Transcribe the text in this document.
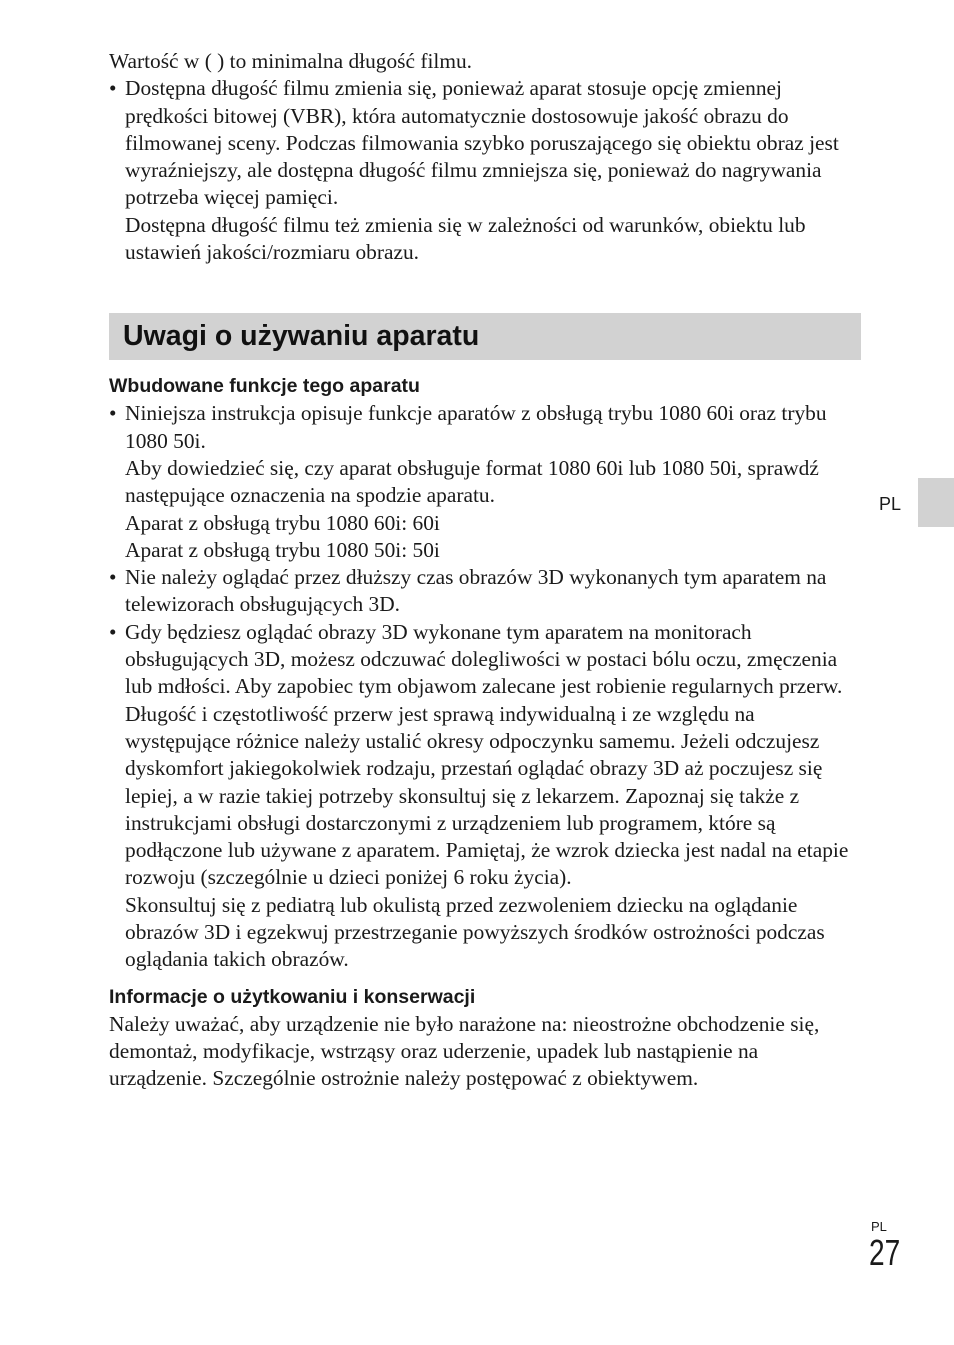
Wartość w ( ) to minimalna długość filmu.

• Dostępna długość filmu zmienia się, ponieważ aparat stosuje opcję zmiennej prędkości bitowej (VBR), która automatycznie dostosowuje jakość obrazu do filmowanej sceny. Podczas filmowania szybko poruszającego się obiektu obraz jest wyraźniejszy, ale dostępna długość filmu zmniejsza się, ponieważ do nagrywania potrzeba więcej pamięci.

Dostępna długość filmu też zmienia się w zależności od warunków, obiektu lub ustawień jakości/rozmiaru obrazu.

Uwagi o używaniu aparatu

Wbudowane funkcje tego aparatu

• Niniejsza instrukcja opisuje funkcje aparatów z obsługą trybu 1080 60i oraz trybu 1080 50i.

Aby dowiedzieć się, czy aparat obsługuje format 1080 60i lub 1080 50i, sprawdź następujące oznaczenia na spodzie aparatu.

Aparat z obsługą trybu 1080 60i: 60i

Aparat z obsługą trybu 1080 50i: 50i

• Nie należy oglądać przez dłuższy czas obrazów 3D wykonanych tym aparatem na telewizorach obsługujących 3D.

• Gdy będziesz oglądać obrazy 3D wykonane tym aparatem na monitorach obsługujących 3D, możesz odczuwać dolegliwości w postaci bólu oczu, zmęczenia lub mdłości. Aby zapobiec tym objawom zalecane jest robienie regularnych przerw. Długość i częstotliwość przerw jest sprawą indywidualną i ze względu na występujące różnice należy ustalić okresy odpoczynku samemu. Jeżeli odczujesz dyskomfort jakiegokolwiek rodzaju, przestań oglądać obrazy 3D aż poczujesz się lepiej, a w razie takiej potrzeby skonsultuj się z lekarzem. Zapoznaj się także z instrukcjami obsługi dostarczonymi z urządzeniem lub programem, które są podłączone lub używane z aparatem. Pamiętaj, że wzrok dziecka jest nadal na etapie rozwoju (szczególnie u dzieci poniżej 6 roku życia).

Skonsultuj się z pediatrą lub okulistą przed zezwoleniem dziecku na oglądanie obrazów 3D i egzekwuj przestrzeganie powyższych środków ostrożności podczas oglądania takich obrazów.

Informacje o użytkowaniu i konserwacji

Należy uważać, aby urządzenie nie było narażone na: nieostrożne obchodzenie się, demontaż, modyfikacje, wstrząsy oraz uderzenie, upadek lub nastąpienie na urządzenie. Szczególnie ostrożnie należy postępować z obiektywem.

PL
PL
27
